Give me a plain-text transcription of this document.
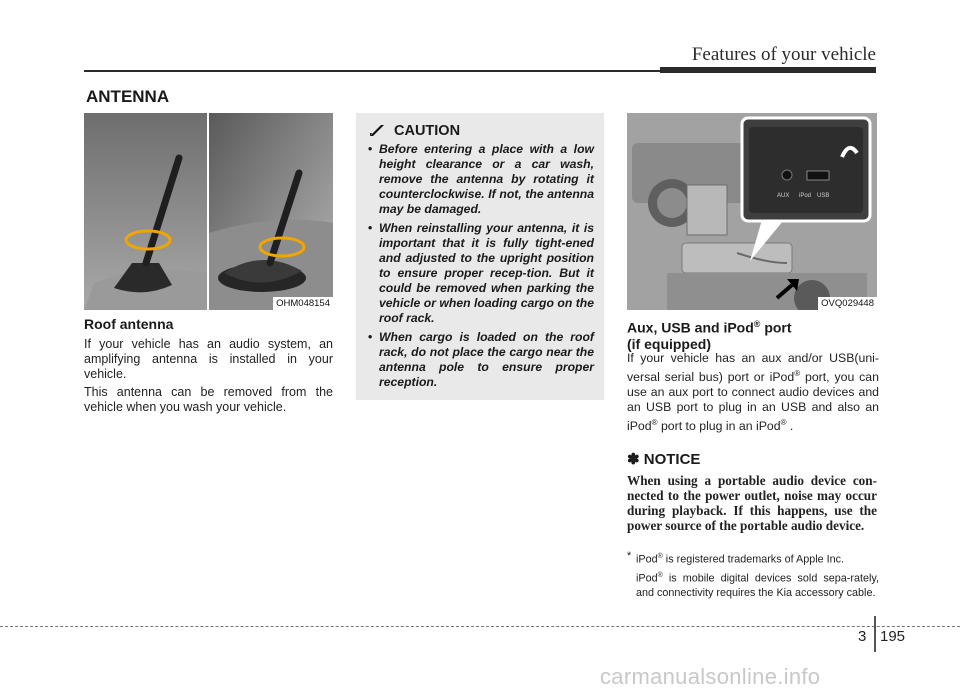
Features of your vehicle
ANTENNA
OHM048154
Roof antenna

If your vehicle has an audio system, an amplifying antenna is installed in your vehicle.

This antenna can be removed from the vehicle when you wash your vehicle.

CAUTION
• Before entering a place with a low height clearance or a car wash, remove the antenna by rotating it counterclockwise. If not, the antenna may be damaged.
• When reinstalling your antenna, it is important that it is fully tight-ened and adjusted to the upright position to ensure proper recep-tion. But it could be removed when parking the vehicle or when loading cargo on the roof rack.
• When cargo is loaded on the roof rack, do not place the cargo near the antenna pole to ensure proper reception.
AUX iPod USB
OVQ029448
Aux, USB and iPod® port
(if equipped)
If your vehicle has an aux and/or USB(uni-versal serial bus) port or iPod® port, you can use an aux port to connect audio devices and an USB port to plug in an USB and also an iPod® port to plug in an iPod® .
✽ NOTICE
When using a portable audio device con-nected to the power outlet, noise may occur during playback. If this happens, use the power source of the portable audio device.
* iPod® is registered trademarks of Apple Inc.
iPod® is mobile digital devices sold sepa-rately, and connectivity requires the Kia accessory cable.
3 195
carmanualsonline.info
